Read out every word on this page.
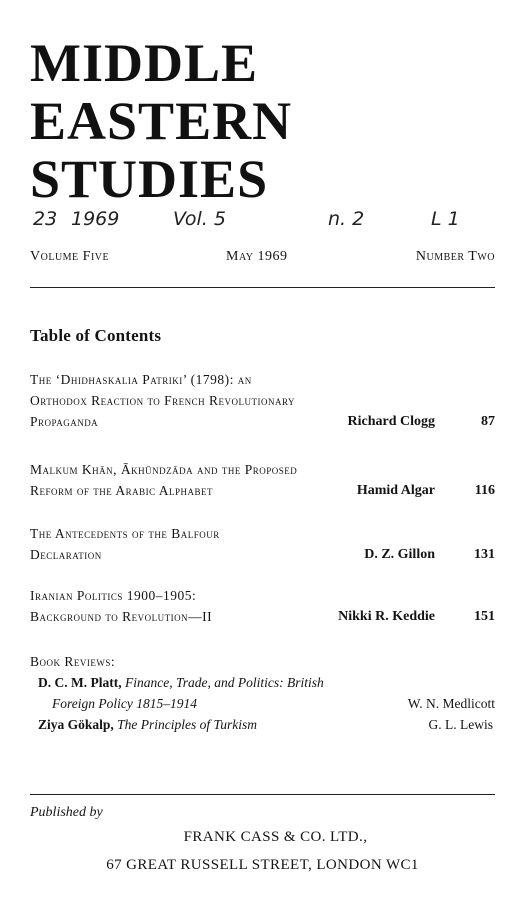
MIDDLE
EASTERN
STUDIES
23 1969	Vol. 5	n. 2	L 1
Volume Five	May 1969	Number Two
Table of Contents
The ‘Dhidhaskalia Patriki’ (1798): an
Orthodox Reaction to French Revolutionary
Propaganda	Richard Clogg	87
Malkum Khān, Ākhūndzāda and the Proposed
Reform of the Arabic Alphabet	Hamid Algar	116
The Antecedents of the Balfour
Declaration	D. Z. Gillon	131
Iranian Politics 1900–1905:
Background to Revolution—II	Nikki R. Keddie	151
Book Reviews:
D. C. M. Platt, Finance, Trade, and Politics: British
Foreign Policy 1815–1914	W. N. Medlicott
Ziya Gökalp, The Principles of Turkism	G. L. Lewis
Published by
FRANK CASS & CO. LTD.,
67 GREAT RUSSELL STREET, LONDON WC1
